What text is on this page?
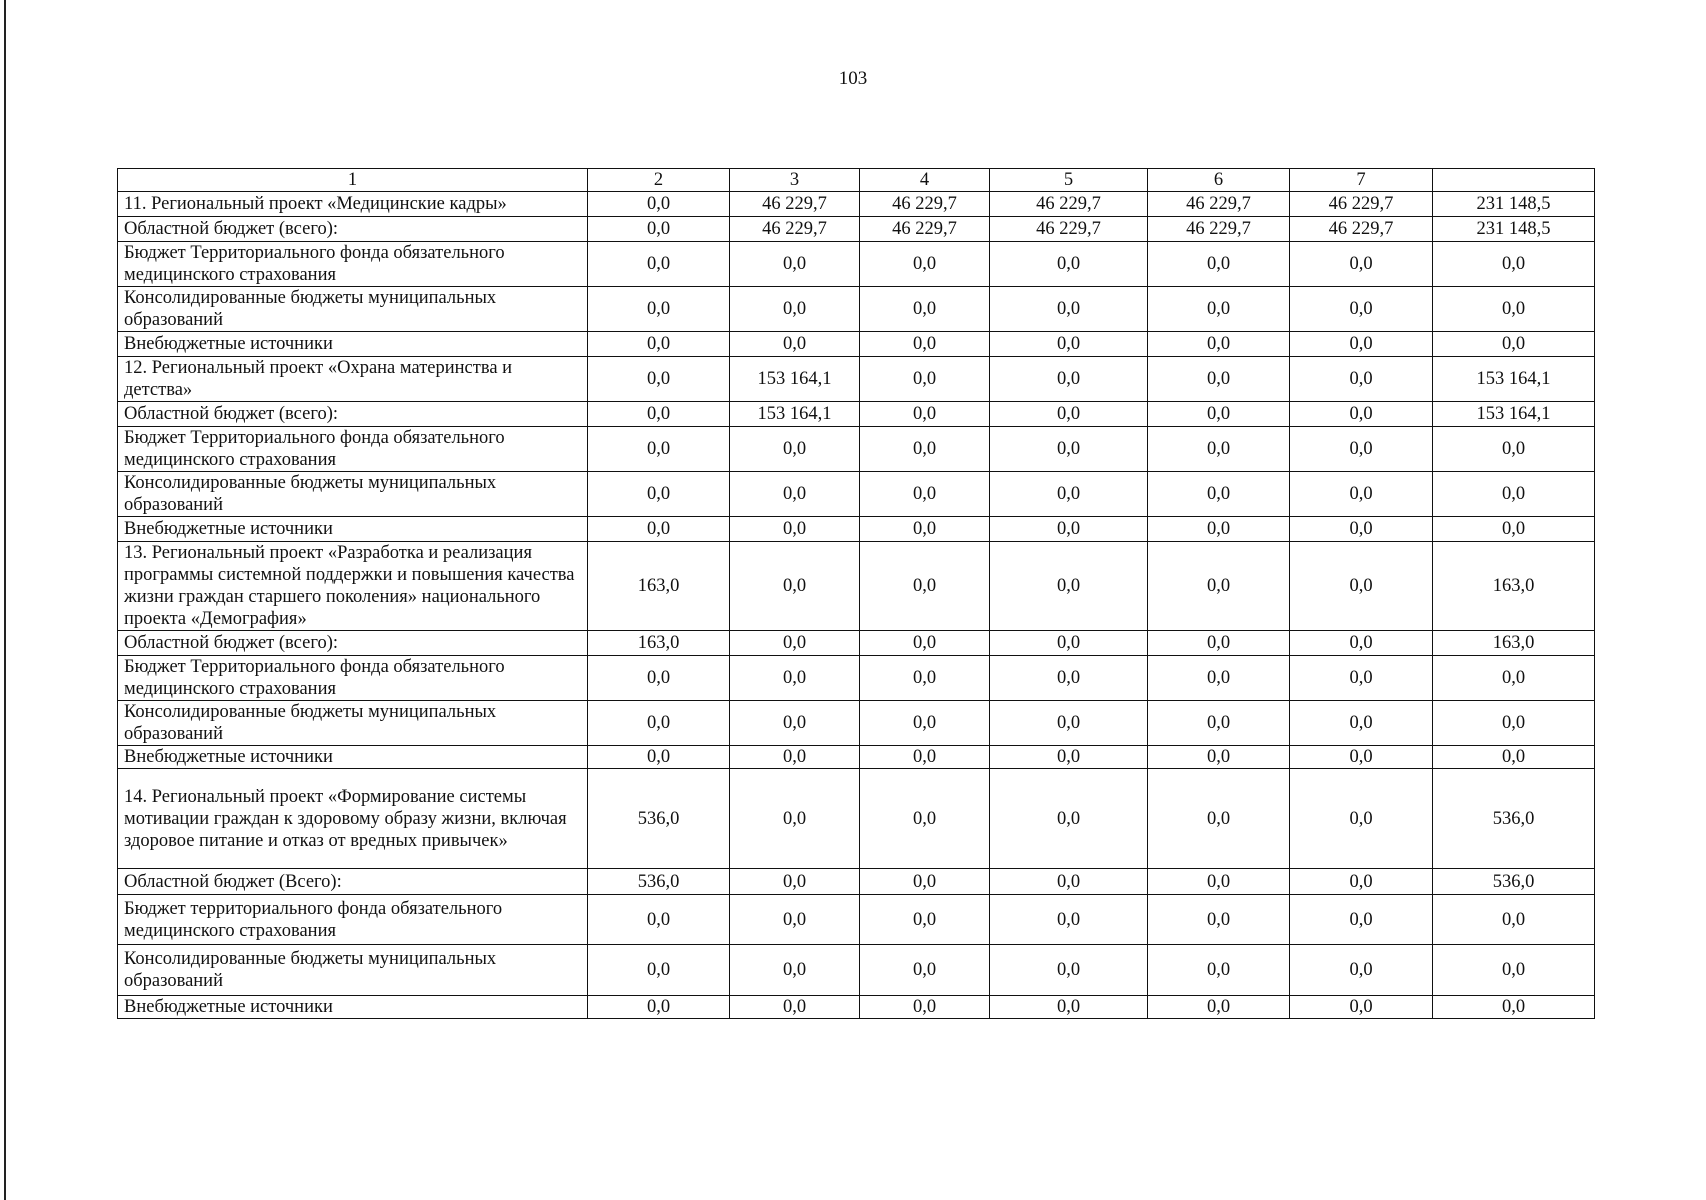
103
1	2	3	4	5	6	7	
11. Региональный проект «Медицинские кадры»	0,0	46 229,7	46 229,7	46 229,7	46 229,7	46 229,7	231 148,5
Областной бюджет (всего):	0,0	46 229,7	46 229,7	46 229,7	46 229,7	46 229,7	231 148,5
Бюджет Территориального фонда обязательного медицинского страхования	0,0	0,0	0,0	0,0	0,0	0,0	0,0
Консолидированные бюджеты муниципальных образований	0,0	0,0	0,0	0,0	0,0	0,0	0,0
Внебюджетные источники	0,0	0,0	0,0	0,0	0,0	0,0	0,0
12. Региональный проект «Охрана материнства и детства»	0,0	153 164,1	0,0	0,0	0,0	0,0	153 164,1
Областной бюджет (всего):	0,0	153 164,1	0,0	0,0	0,0	0,0	153 164,1
Бюджет Территориального фонда обязательного медицинского страхования	0,0	0,0	0,0	0,0	0,0	0,0	0,0
Консолидированные бюджеты муниципальных образований	0,0	0,0	0,0	0,0	0,0	0,0	0,0
Внебюджетные источники	0,0	0,0	0,0	0,0	0,0	0,0	0,0
13. Региональный проект «Разработка и реализация программы системной поддержки и повышения качества жизни граждан старшего поколения» национального проекта «Демография»	163,0	0,0	0,0	0,0	0,0	0,0	163,0
Областной бюджет (всего):	163,0	0,0	0,0	0,0	0,0	0,0	163,0
Бюджет Территориального фонда обязательного медицинского страхования	0,0	0,0	0,0	0,0	0,0	0,0	0,0
Консолидированные бюджеты муниципальных образований	0,0	0,0	0,0	0,0	0,0	0,0	0,0
Внебюджетные источники	0,0	0,0	0,0	0,0	0,0	0,0	0,0
14. Региональный проект «Формирование системы мотивации граждан к здоровому образу жизни, включая здоровое питание и отказ от вредных привычек»	536,0	0,0	0,0	0,0	0,0	0,0	536,0
Областной бюджет (Всего):	536,0	0,0	0,0	0,0	0,0	0,0	536,0
Бюджет территориального фонда обязательного медицинского страхования	0,0	0,0	0,0	0,0	0,0	0,0	0,0
Консолидированные бюджеты муниципальных образований	0,0	0,0	0,0	0,0	0,0	0,0	0,0
Внебюджетные источники	0,0	0,0	0,0	0,0	0,0	0,0	0,0
